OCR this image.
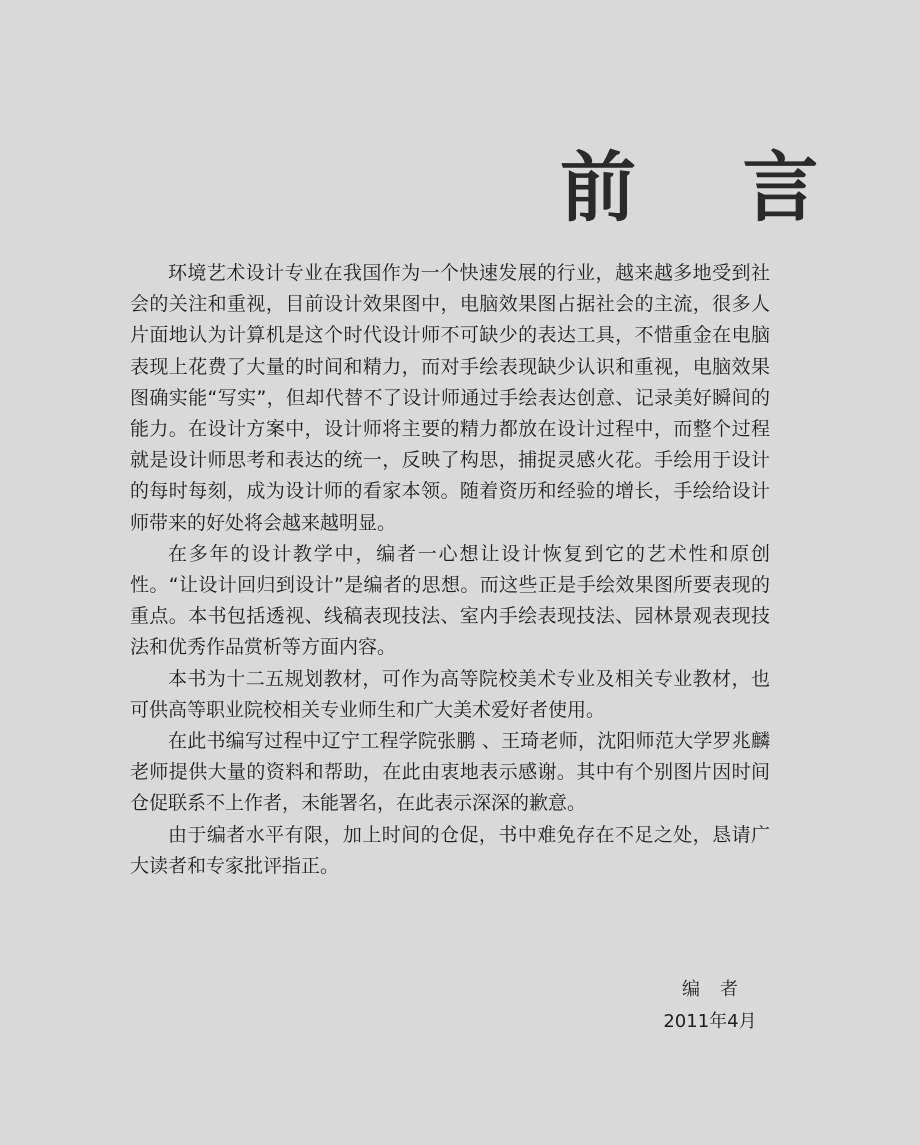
前 言

环境艺术设计专业在我国作为一个快速发展的行业，越来越多地受到社会的关注和重视，目前设计效果图中，电脑效果图占据社会的主流，很多人片面地认为计算机是这个时代设计师不可缺少的表达工具，不惜重金在电脑表现上花费了大量的时间和精力，而对手绘表现缺少认识和重视，电脑效果图确实能“写实”，但却代替不了设计师通过手绘表达创意、记录美好瞬间的能力。在设计方案中，设计师将主要的精力都放在设计过程中，而整个过程就是设计师思考和表达的统一，反映了构思，捕捉灵感火花。手绘用于设计的每时每刻，成为设计师的看家本领。随着资历和经验的增长，手绘给设计师带来的好处将会越来越明显。

在多年的设计教学中，编者一心想让设计恢复到它的艺术性和原创性。“让设计回归到设计”是编者的思想。而这些正是手绘效果图所要表现的重点。本书包括透视、线稿表现技法、室内手绘表现技法、园林景观表现技法和优秀作品赏析等方面内容。

本书为十二五规划教材，可作为高等院校美术专业及相关专业教材，也可供高等职业院校相关专业师生和广大美术爱好者使用。

在此书编写过程中辽宁工程学院张鹏 、王琦老师，沈阳师范大学罗兆麟老师提供大量的资料和帮助，在此由衷地表示感谢。其中有个别图片因时间仓促联系不上作者，未能署名，在此表示深深的歉意。

由于编者水平有限，加上时间的仓促，书中难免存在不足之处，恳请广大读者和专家批评指正。

编者
2011年4月
